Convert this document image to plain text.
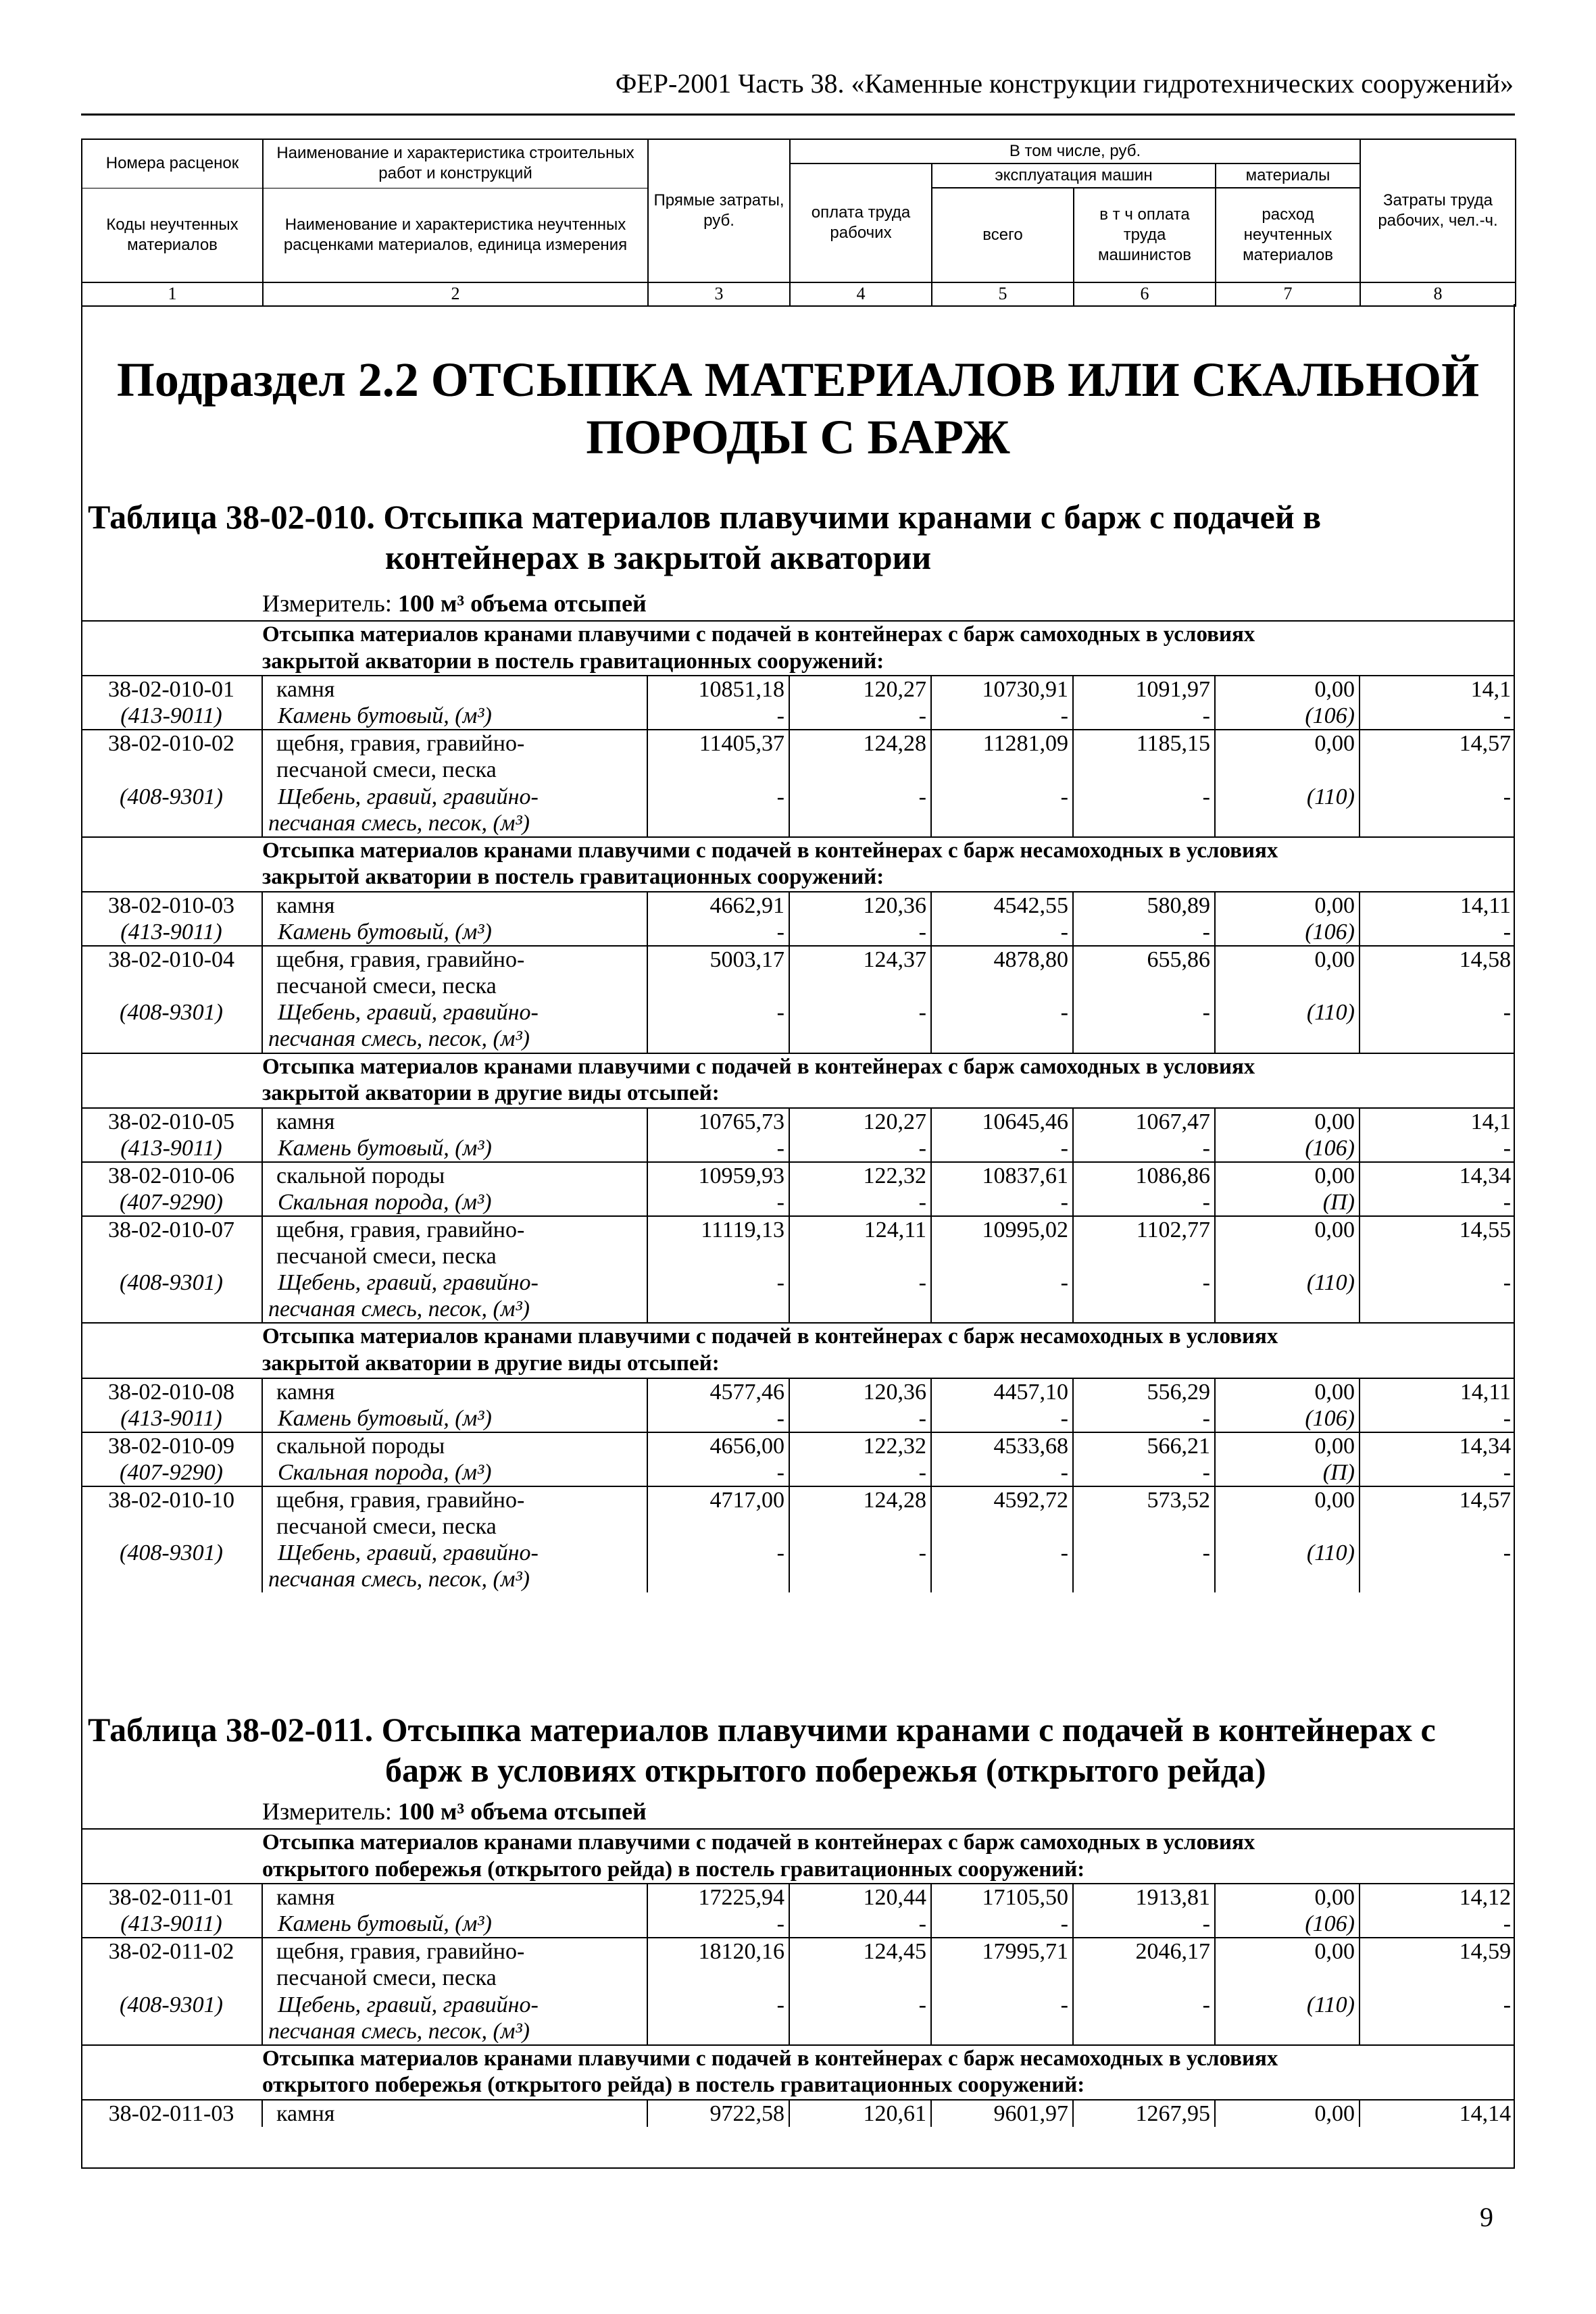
ФЕР-2001 Часть 38. «Каменные конструкции гидротехнических сооружений»
Номера расценок	Наименование и характеристика строительных работ и конструкций	Прямые затраты, руб.	В том числе, руб.				Затраты труда рабочих, чел.-ч.
			оплата труда рабочих	эксплуатация машин		материалы	
Коды неучтенных материалов	Наименование и характеристика неучтенных расценками материалов, единица измерения			всего	в т ч оплата труда машинистов	расход неучтенных материалов	

1	2	3	4	5	6	7	8
Подраздел 2.2 ОТСЫПКА МАТЕРИАЛОВ ИЛИ СКАЛЬНОЙ ПОРОДЫ С БАРЖ
Таблица 38-02-010. Отсыпка материалов плавучими кранами с барж с подачей в
контейнерах в закрытой акватории
Измеритель: 100 м³ объема отсыпей
Отсыпка материалов кранами плавучими с подачей в контейнерах с барж самоходных в условиях
закрытой акватории в постель гравитационных сооружений:							

38-02-010-01	камня	10851,18	120,27	10730,91	1091,97	0,00	14,1
(413-9011)	Камень бутовый, (м³)	-	-	-	-	(106)	-
38-02-010-02	щебня, гравия, гравийно-
песчаной смеси, песка	11405,37	124,28	11281,09	1185,15	0,00	14,57
(408-9301)	Щебень, гравий, гравийно-
песчаная смесь, песок, (м³)	-	-	-	-	(110)	-

Отсыпка материалов кранами плавучими с подачей в контейнерах с барж несамоходных в условиях
закрытой акватории в постель гравитационных сооружений:							

38-02-010-03	камня	4662,91	120,36	4542,55	580,89	0,00	14,11
(413-9011)	Камень бутовый, (м³)	-	-	-	-	(106)	-
38-02-010-04	щебня, гравия, гравийно-
песчаной смеси, песка	5003,17	124,37	4878,80	655,86	0,00	14,58
(408-9301)	Щебень, гравий, гравийно-
песчаная смесь, песок, (м³)	-	-	-	-	(110)	-

Отсыпка материалов кранами плавучими с подачей в контейнерах с барж самоходных в условиях
закрытой акватории в другие виды отсыпей:							

38-02-010-05	камня	10765,73	120,27	10645,46	1067,47	0,00	14,1
(413-9011)	Камень бутовый, (м³)	-	-	-	-	(106)	-
38-02-010-06	скальной породы	10959,93	122,32	10837,61	1086,86	0,00	14,34
(407-9290)	Скальная порода, (м³)	-	-	-	-	(П)	-
38-02-010-07	щебня, гравия, гравийно-
песчаной смеси, песка	11119,13	124,11	10995,02	1102,77	0,00	14,55
(408-9301)	Щебень, гравий, гравийно-
песчаная смесь, песок, (м³)	-	-	-	-	(110)	-

Отсыпка материалов кранами плавучими с подачей в контейнерах с барж несамоходных в условиях
закрытой акватории в другие виды отсыпей:							

38-02-010-08	камня	4577,46	120,36	4457,10	556,29	0,00	14,11
(413-9011)	Камень бутовый, (м³)	-	-	-	-	(106)	-
38-02-010-09	скальной породы	4656,00	122,32	4533,68	566,21	0,00	14,34
(407-9290)	Скальная порода, (м³)	-	-	-	-	(П)	-
38-02-010-10	щебня, гравия, гравийно-
песчаной смеси, песка	4717,00	124,28	4592,72	573,52	0,00	14,57
(408-9301)	Щебень, гравий, гравийно-
песчаная смесь, песок, (м³)	-	-	-	-	(110)	-
Таблица 38-02-011. Отсыпка материалов плавучими кранами с подачей в контейнерах с
барж в условиях открытого побережья (открытого рейда)
Измеритель: 100 м³ объема отсыпей
Отсыпка материалов кранами плавучими с подачей в контейнерах с барж самоходных в условиях
открытого побережья (открытого рейда) в постель гравитационных сооружений:							

38-02-011-01	камня	17225,94	120,44	17105,50	1913,81	0,00	14,12
(413-9011)	Камень бутовый, (м³)	-	-	-	-	(106)	-
38-02-011-02	щебня, гравия, гравийно-
песчаной смеси, песка	18120,16	124,45	17995,71	2046,17	0,00	14,59
(408-9301)	Щебень, гравий, гравийно-
песчаная смесь, песок, (м³)	-	-	-	-	(110)	-

Отсыпка материалов кранами плавучими с подачей в контейнерах с барж несамоходных в условиях
открытого побережья (открытого рейда) в постель гравитационных сооружений:							

38-02-011-03	камня	9722,58	120,61	9601,97	1267,95	0,00	14,14
9
